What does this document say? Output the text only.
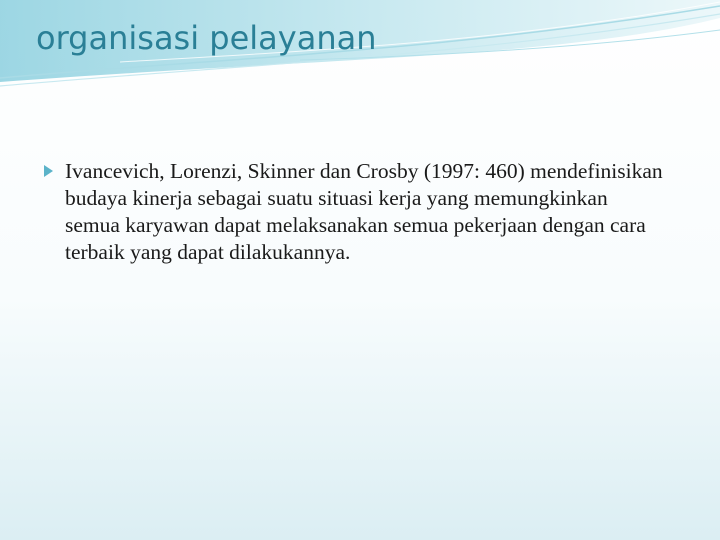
organisasi pelayanan

Ivancevich, Lorenzi, Skinner dan Crosby (1997: 460) mendefinisikan budaya kinerja sebagai suatu situasi kerja yang memungkinkan semua karyawan dapat melaksanakan semua pekerjaan dengan cara terbaik yang dapat dilakukannya.
